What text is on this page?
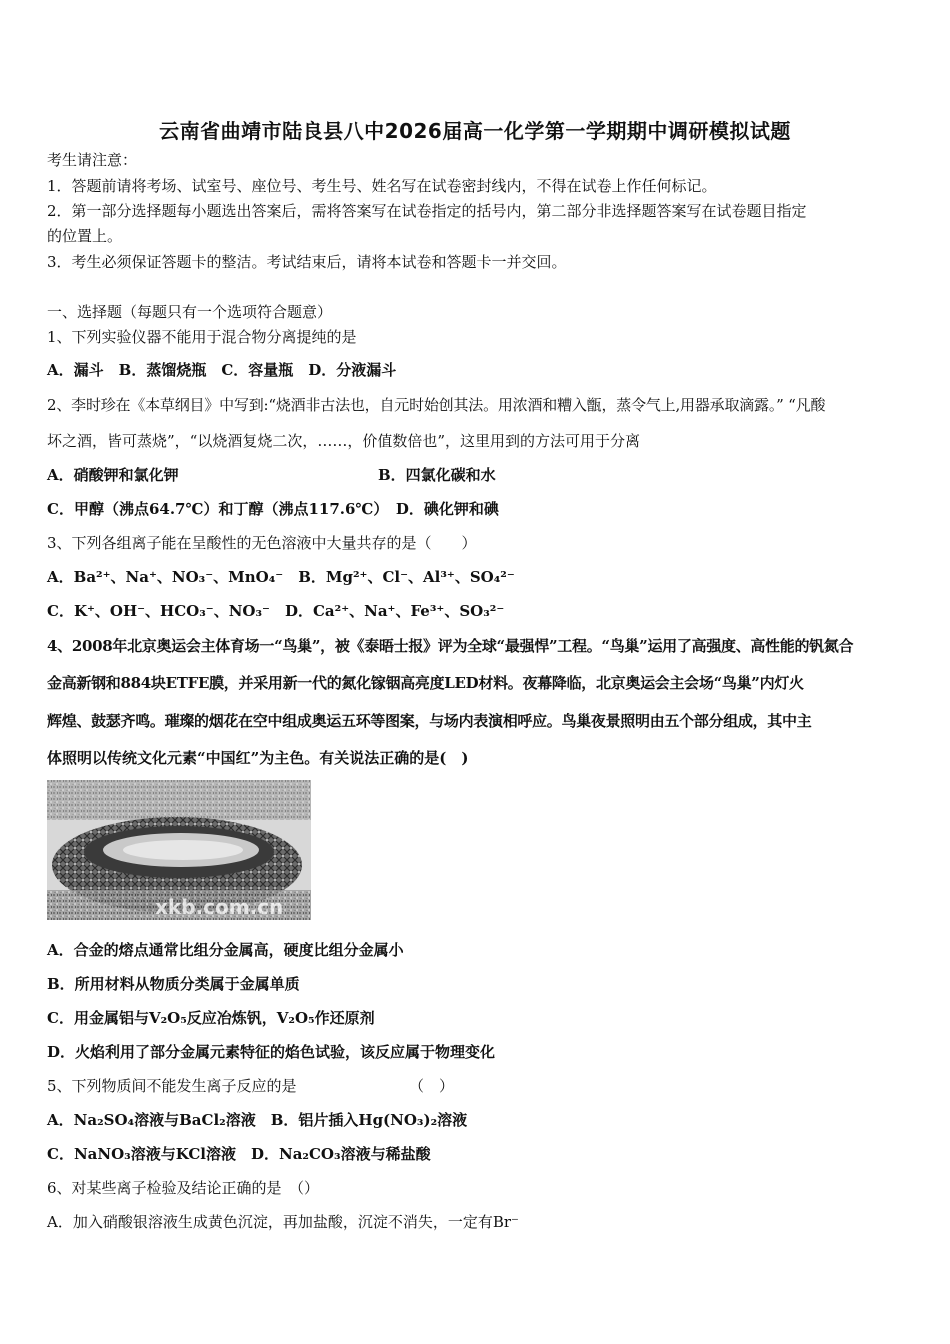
云南省曲靖市陆良县八中2026届高一化学第一学期期中调研模拟试题
考生请注意：
1．答题前请将考场、试室号、座位号、考生号、姓名写在试卷密封线内，不得在试卷上作任何标记。
2．第一部分选择题每小题选出答案后，需将答案写在试卷指定的括号内，第二部分非选择题答案写在试卷题目指定
的位置上。
3．考生必须保证答题卡的整洁。考试结束后，请将本试卷和答题卡一并交回。
一、选择题（每题只有一个选项符合题意）
1、下列实验仪器不能用于混合物分离提纯的是
A．漏斗　B．蒸馏烧瓶　C．容量瓶　D．分液漏斗
2、李时珍在《本草纲目》中写到:“烧酒非古法也，自元时始创其法。用浓酒和糟入甑，蒸令气上,用器承取滴露。” “凡酸
坏之酒，皆可蒸烧”，“以烧酒复烧二次，……，价值数倍也”，这里用到的方法可用于分离
A．硝酸钾和氯化钾	B．四氯化碳和水
C．甲醇（沸点64.7℃）和丁醇（沸点117.6℃）　D．碘化钾和碘
3、下列各组离子能在呈酸性的无色溶液中大量共存的是（　　）
A．Ba²⁺、Na⁺、NO₃⁻、MnO₄⁻　B．Mg²⁺、Cl⁻、Al³⁺、SO₄²⁻
C．K⁺、OH⁻、HCO₃⁻、NO₃⁻　D．Ca²⁺、Na⁺、Fe³⁺、SO₃²⁻
4、2008年北京奥运会主体育场一“鸟巢”，被《泰晤士报》评为全球“最强悍”工程。“鸟巢”运用了高强度、高性能的钒氮合
金高新钢和884块ETFE膜，并采用新一代的氮化镓铟高亮度LED材料。夜幕降临，北京奥运会主会场“鸟巢”内灯火
辉煌、鼓瑟齐鸣。璀璨的烟花在空中组成奥运五环等图案，与场内表演相呼应。鸟巢夜景照明由五个部分组成，其中主
体照明以传统文化元素“中国红”为主色。有关说法正确的是(　)
xkb.com.cn
A．合金的熔点通常比组分金属高，硬度比组分金属小
B．所用材料从物质分类属于金属单质
C．用金属铝与V₂O₅反应冶炼钒，V₂O₅作还原剂
D．火焰利用了部分金属元素特征的焰色试验，该反应属于物理变化
5、下列物质间不能发生离子反应的是　　　　　　　　（　）
A．Na₂SO₄溶液与BaCl₂溶液　B．铝片插入Hg(NO₃)₂溶液
C．NaNO₃溶液与KCl溶液　D．Na₂CO₃溶液与稀盐酸
6、对某些离子检验及结论正确的是　（）
A．加入硝酸银溶液生成黄色沉淀，再加盐酸，沉淀不消失，一定有Br⁻
